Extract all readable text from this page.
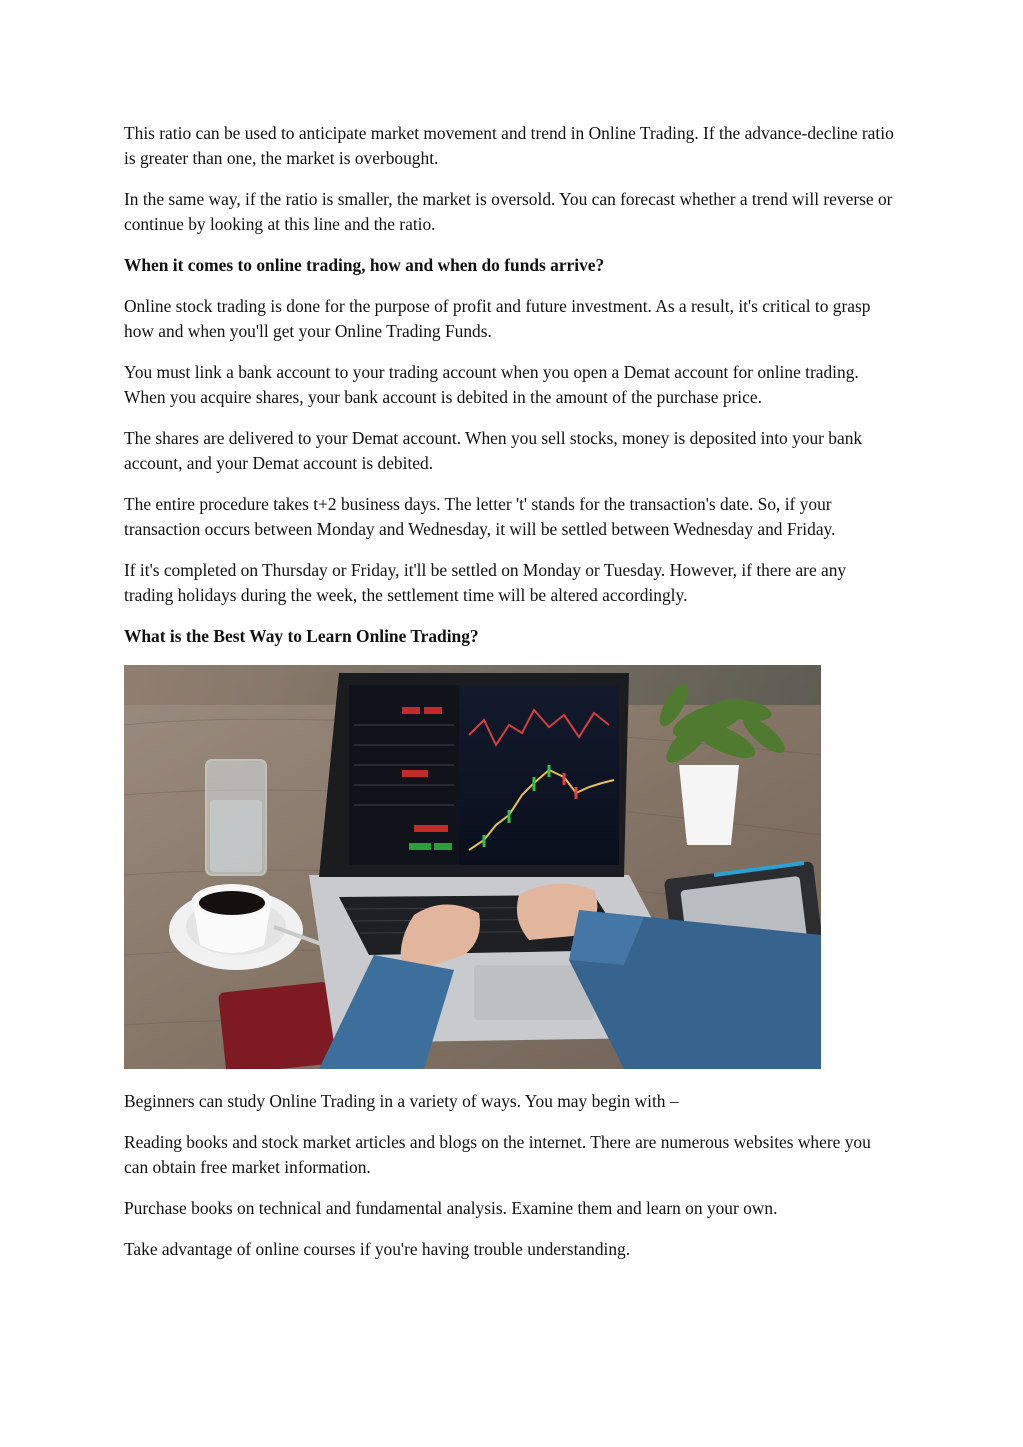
This ratio can be used to anticipate market movement and trend in Online Trading. If the advance-decline ratio is greater than one, the market is overbought.

In the same way, if the ratio is smaller, the market is oversold. You can forecast whether a trend will reverse or continue by looking at this line and the ratio.

When it comes to online trading, how and when do funds arrive?

Online stock trading is done for the purpose of profit and future investment. As a result, it's critical to grasp how and when you'll get your Online Trading Funds.

You must link a bank account to your trading account when you open a Demat account for online trading. When you acquire shares, your bank account is debited in the amount of the purchase price.

The shares are delivered to your Demat account. When you sell stocks, money is deposited into your bank account, and your Demat account is debited.

The entire procedure takes t+2 business days. The letter 't' stands for the transaction's date. So, if your transaction occurs between Monday and Wednesday, it will be settled between Wednesday and Friday.

If it's completed on Thursday or Friday, it'll be settled on Monday or Tuesday. However, if there are any trading holidays during the week, the settlement time will be altered accordingly.

What is the Best Way to Learn Online Trading?

Beginners can study Online Trading in a variety of ways. You may begin with –

Reading books and stock market articles and blogs on the internet. There are numerous websites where you can obtain free market information.

Purchase books on technical and fundamental analysis. Examine them and learn on your own.

Take advantage of online courses if you're having trouble understanding.
